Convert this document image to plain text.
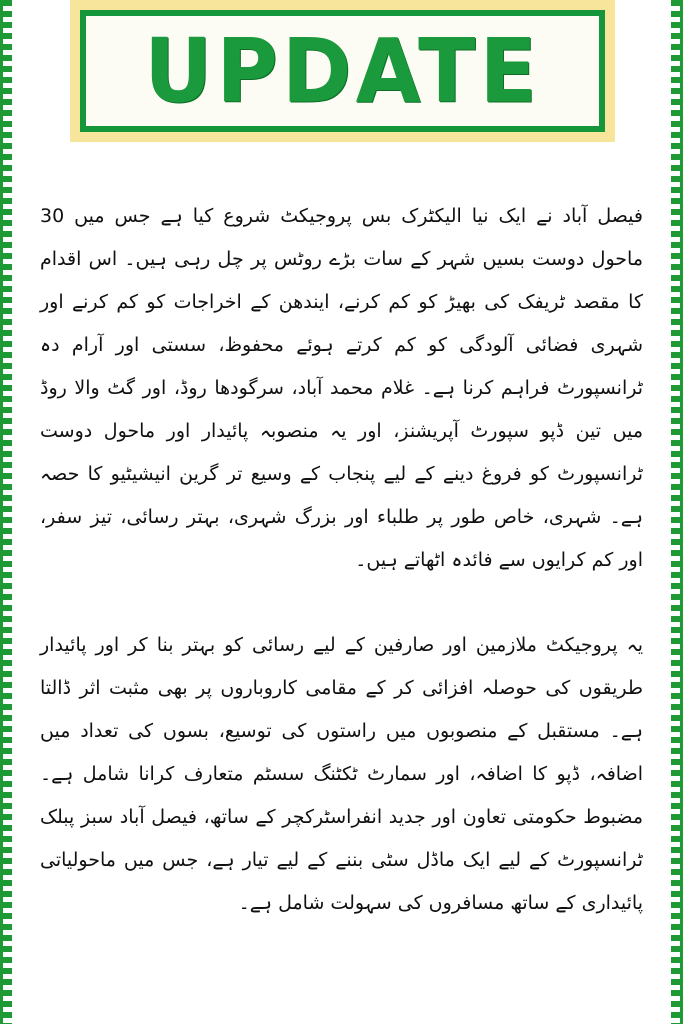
UPDATE

فیصل آباد نے ایک نیا الیکٹرک بس پروجیکٹ شروع کیا ہے جس میں 30 ماحول دوست بسیں شہر کے سات بڑے روٹس پر چل رہی ہیں۔ اس اقدام کا مقصد ٹریفک کی بھیڑ کو کم کرنے، ایندھن کے اخراجات کو کم کرنے اور شہری فضائی آلودگی کو کم کرتے ہوئے محفوظ، سستی اور آرام دہ ٹرانسپورٹ فراہم کرنا ہے۔ غلام محمد آباد، سرگودھا روڈ، اور گٹ والا روڈ میں تین ڈپو سپورٹ آپریشنز، اور یہ منصوبہ پائیدار اور ماحول دوست ٹرانسپورٹ کو فروغ دینے کے لیے پنجاب کے وسیع تر گرین انیشیٹیو کا حصہ ہے۔ شہری، خاص طور پر طلباء اور بزرگ شہری، بہتر رسائی، تیز سفر، اور کم کرایوں سے فائدہ اٹھاتے ہیں۔

یہ پروجیکٹ ملازمین اور صارفین کے لیے رسائی کو بہتر بنا کر اور پائیدار طریقوں کی حوصلہ افزائی کر کے مقامی کاروباروں پر بھی مثبت اثر ڈالتا ہے۔ مستقبل کے منصوبوں میں راستوں کی توسیع، بسوں کی تعداد میں اضافہ، ڈپو کا اضافہ، اور سمارٹ ٹکٹنگ سسٹم متعارف کرانا شامل ہے۔ مضبوط حکومتی تعاون اور جدید انفراسٹرکچر کے ساتھ، فیصل آباد سبز پبلک ٹرانسپورٹ کے لیے ایک ماڈل سٹی بننے کے لیے تیار ہے، جس میں ماحولیاتی پائیداری کے ساتھ مسافروں کی سہولت شامل ہے۔
